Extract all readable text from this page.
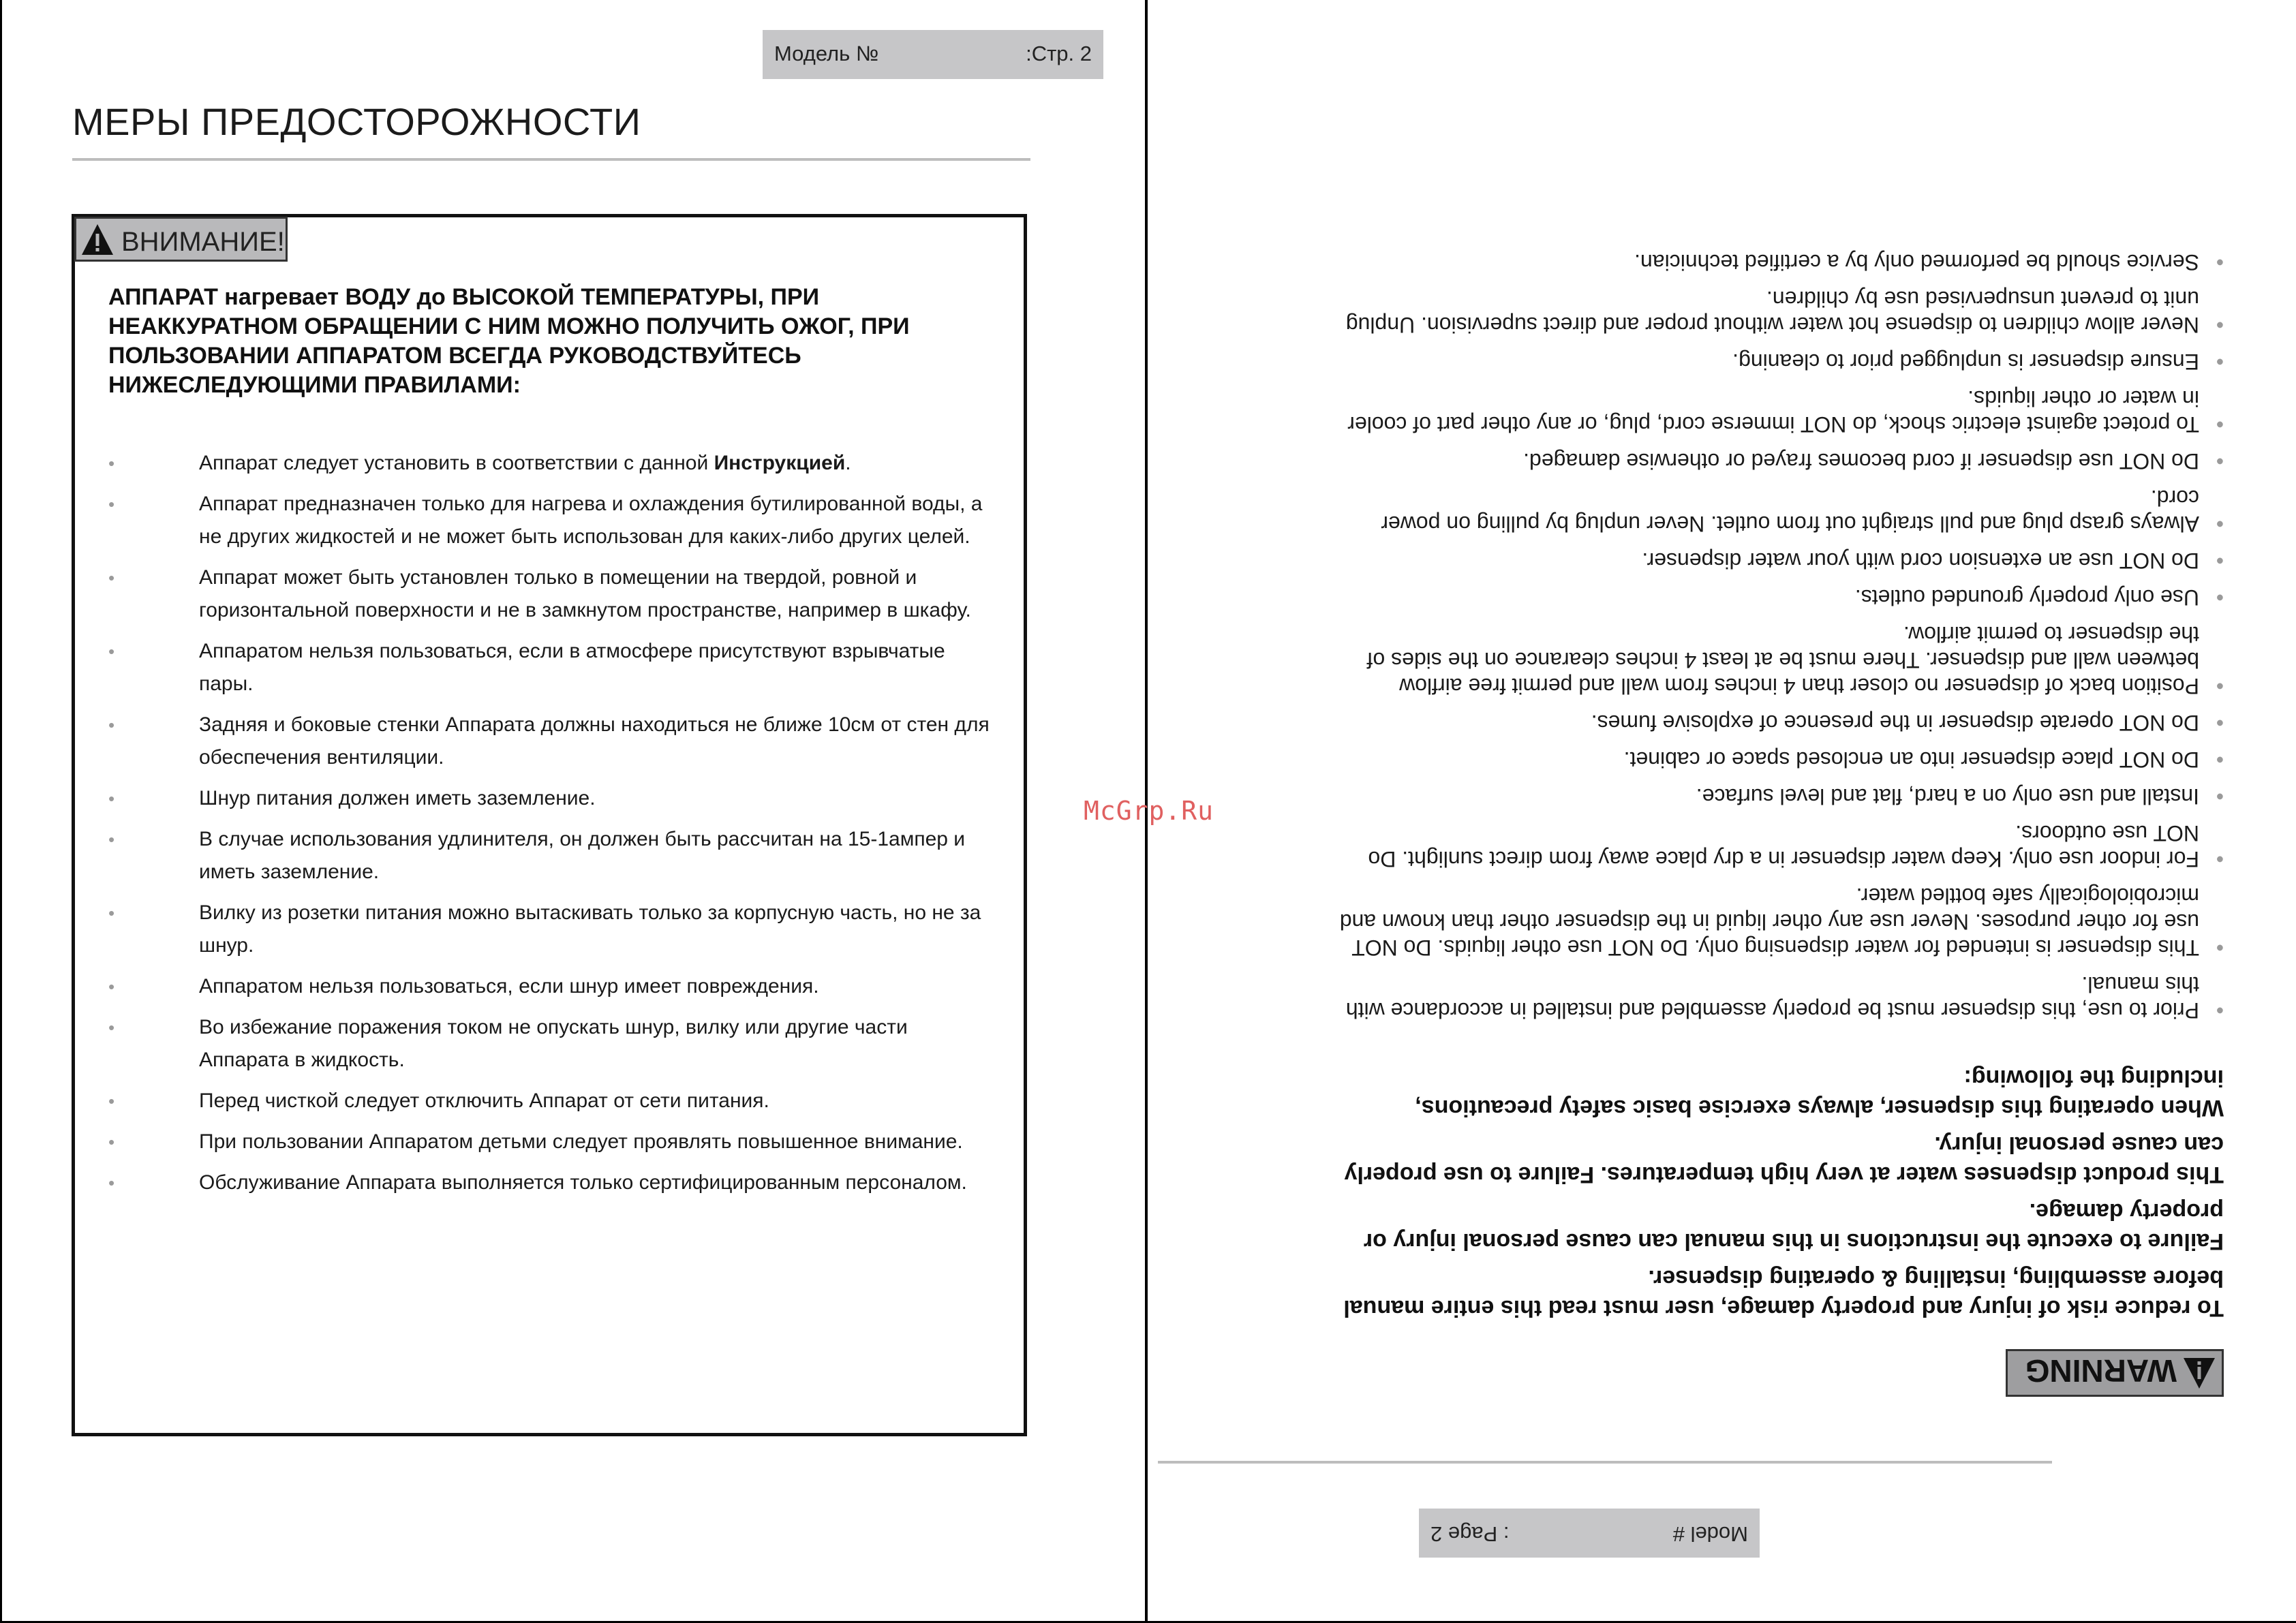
Модель №	:Стр. 2
МЕРЫ ПРЕДОСТОРОЖНОСТИ
ВНИМАНИЕ!
АППАРАТ нагревает ВОДУ до ВЫСОКОЙ ТЕМПЕРАТУРЫ, ПРИ НЕАККУРАТНОМ ОБРАЩЕНИИ С НИМ МОЖНО ПОЛУЧИТЬ ОЖОГ, ПРИ ПОЛЬЗОВАНИИ АППАРАТОМ ВСЕГДА РУКОВОДСТВУЙТЕСЬ НИЖЕСЛЕДУЮЩИМИ ПРАВИЛАМИ:
•	Аппарат следует установить в соответствии с данной Инструкцией.
•	Аппарат предназначен только для нагрева и охлаждения бутилированной воды, а не других жидкостей и не может быть использован для каких-либо других целей.
•	Аппарат может быть установлен только в помещении на твердой, ровной и горизонтальной поверхности и не в замкнутом пространстве, например в шкафу.
•	Аппаратом нельзя пользоваться, если в атмосфере присутствуют взрывчатые пары.
•	Задняя и боковые стенки Аппарата должны находиться не ближе 10см от стен для обеспечения вентиляции.
•	Шнур питания должен иметь заземление.
•	В случае использования удлинителя, он должен быть рассчитан на 15-1ампер и иметь заземление.
•	Вилку из розетки питания можно вытаскивать только за корпусную часть, но не за шнур.
•	Аппаратом нельзя пользоваться, если шнур имеет повреждения.
•	Во избежание поражения током не опускать шнур, вилку или другие части Аппарата в жидкость.
•	Перед чисткой следует отключить Аппарат от сети питания.
•	При пользовании Аппаратом детьми следует проявлять повышенное внимание.
•	Обслуживание Аппарата выполняется только сертифицированным персоналом.
McGrp.Ru
Model #
: Page 2
WARNING
To reduce risk of injury and property damage, user must read this entire manual before assembling, installing & operating dispenser.
Failure to execute the instructions in this manual can cause personal injury or property damage.
This product dispenses water at very high temperatures. Failure to use properly can cause personal injury.
When operating this dispenser, always exercise basic safety precautions, including the following:
•
Prior to use, this dispenser must be properly assembled and installed in accordance with this manual.
•
This dispenser is intended for water dispensing only. Do NOT use other liquids. Do NOT use for other purposes. Never use any other liquid in the dispenser other than known and microbiologically safe bottled water.
•
For indoor use only. Keep water dispenser in a dry place away from direct sunlight. Do NOT use outdoors.
•
Install and use only on a hard, flat and level surface.
•
Do NOT place dispenser into an enclosed space or cabinet.
•
Do NOT operate dispenser in the presence of explosive fumes.
•
Position back of dispenser no closer than 4 inches from wall and permit free airflow between wall and dispenser. There must be at least 4 inches clearance on the sides of the dispenser to permit airflow.
•
Use only properly grounded outlets.
•
Do NOT use an extension cord with your water dispenser.
•
Always grasp plug and pull straight out from outlet. Never unplug by pulling on power cord.
•
Do NOT use dispenser if cord becomes frayed or otherwise damaged.
•
To protect against electric shock, do NOT immerse cord, plug, or any other part of cooler in water or other liquids.
•
Ensure dispenser is unplugged prior to cleaning.
•
Never allow children to dispense hot water without proper and direct supervision. Unplug unit to prevent unsupervised use by children.
•
Service should be performed only by a certified technician.
